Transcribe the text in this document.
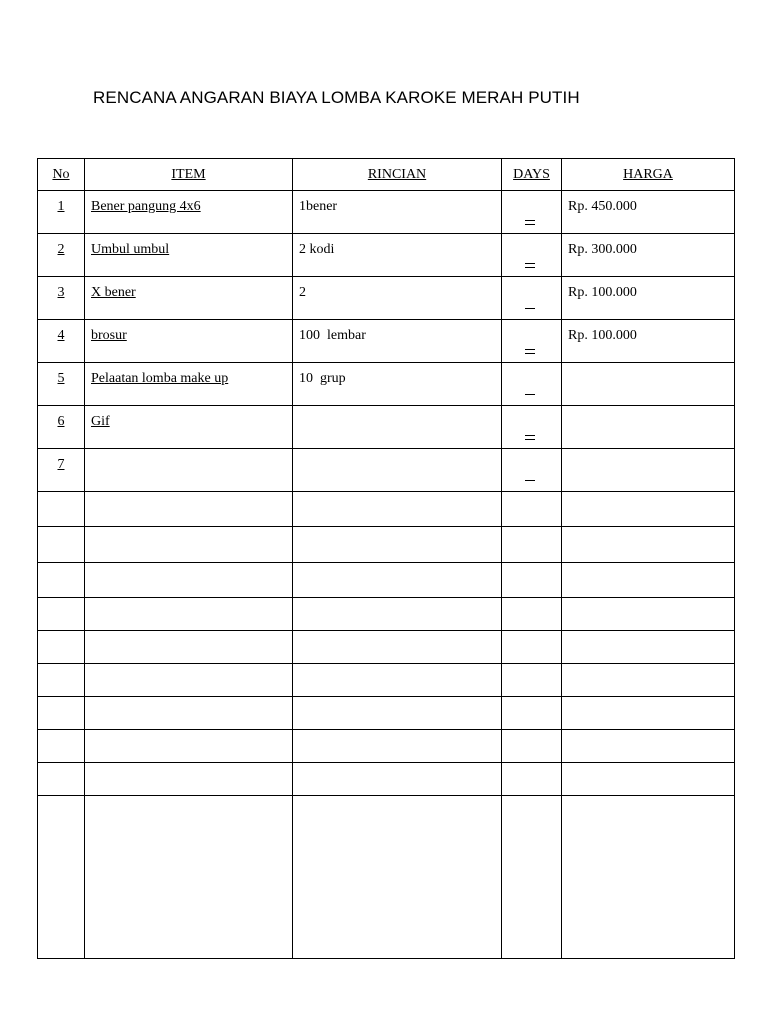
RENCANA ANGARAN BIAYA LOMBA KAROKE MERAH PUTIH
No	ITEM	RINCIAN	DAYS	HARGA
1	Bener pangung 4x6	1bener		Rp. 450.000
2	Umbul umbul	2 kodi		Rp. 300.000
3	X bener	2		Rp. 100.000
4	brosur	100  lembar		Rp. 100.000
5	Pelaatan lomba make up	10  grup	

6	Gif		

7			
